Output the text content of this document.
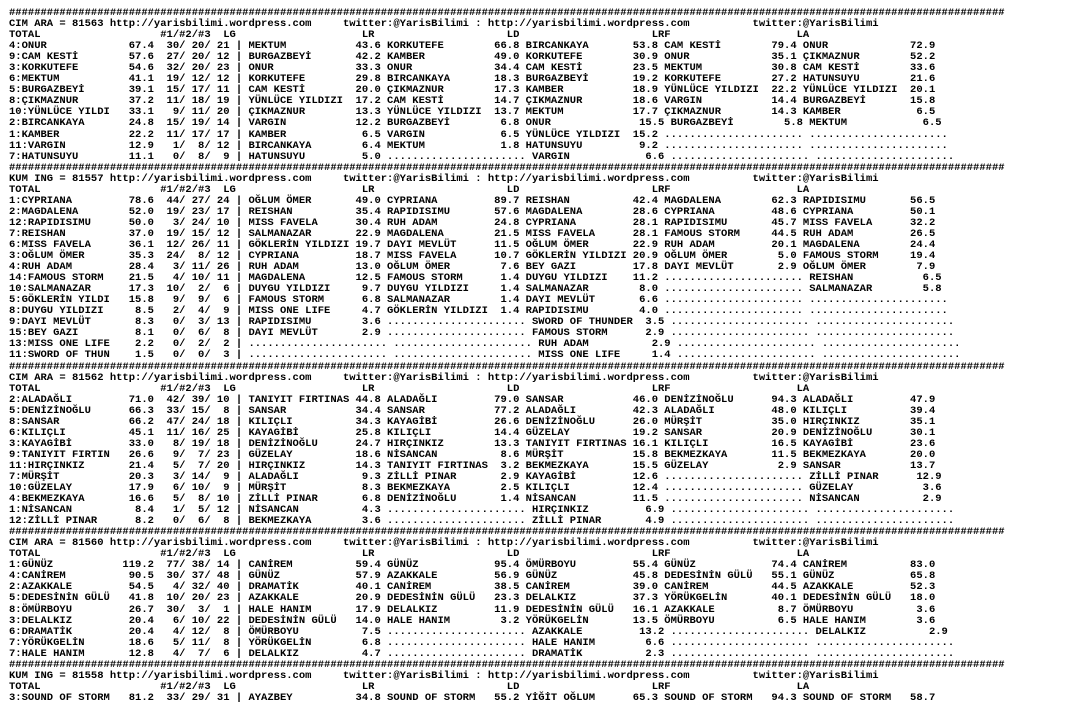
##############################################################################################################################################################
CIM ARA = 81563 http://yarisbilimi.wordpress.com     twitter:@YarisBilimi : http://yarisbilimi.wordpress.com          twitter:@YarisBilimi
TOTAL                   #1/#2/#3  LG                    LR                     LD                     LRF                    LA
4:ONUR             67.4  30/ 20/ 21 | MEKTUM           43.6 KORKUTEFE        66.8 BIRCANKAYA       53.8 CAM KESTİ        79.4 ONUR             72.9
9:CAM KESTİ        57.6  27/ 20/ 12 | BURGAZBEYİ       42.2 KAMBER           49.0 KORKUTEFE        30.9 ONUR             35.1 ÇIKMAZNUR        52.2
3:KORKUTEFE        54.6  32/ 20/ 23 | ONUR             33.3 ONUR             34.4 CAM KESTİ        23.5 MEKTUM           30.8 CAM KESTİ        33.6
6:MEKTUM           41.1  19/ 12/ 12 | KORKUTEFE        29.8 BIRCANKAYA       18.3 BURGAZBEYİ       19.2 KORKUTEFE        27.2 HATUNSUYU        21.6
5:BURGAZBEYİ       39.1  15/ 17/ 11 | CAM KESTİ        20.0 ÇIKMAZNUR        17.3 KAMBER           18.9 YÜNLÜCE YILDIZI  22.2 YÜNLÜCE YILDIZI  20.1
8:ÇIKMAZNUR        37.2  11/ 18/ 19 | YÜNLÜCE YILDIZI  17.2 CAM KESTİ        14.7 ÇIKMAZNUR        18.6 VARGIN           14.4 BURGAZBEYİ       15.8
10:YÜNLÜCE YILDI   33.1   9/ 11/ 20 | ÇIKMAZNUR        13.3 YÜNLÜCE YILDIZI  13.7 MEKTUM           17.7 ÇIKMAZNUR        14.3 KAMBER            6.5
2:BIRCANKAYA       24.8  15/ 19/ 14 | VARGIN           12.2 BURGAZBEYİ        6.8 ONUR              15.5 BURGAZBEYİ        5.8 MEKTUM            6.5
1:KAMBER           22.2  11/ 17/ 17 | KAMBER            6.5 VARGIN            6.5 YÜNLÜCE YILDIZI  15.2 ...................... ......................
11:VARGIN          12.9   1/  8/ 12 | BIRCANKAYA        6.4 MEKTUM            1.8 HATUNSUYU         9.2 ...................... ......................
7:HATUNSUYU        11.1   0/  8/  9 | HATUNSUYU         5.0 ...................... VARGIN            6.6 ...................... ......................
##############################################################################################################################################################
KUM ING = 81557 http://yarisbilimi.wordpress.com     twitter:@YarisBilimi : http://yarisbilimi.wordpress.com          twitter:@YarisBilimi
TOTAL                   #1/#2/#3  LG                    LR                     LD                     LRF                    LA
1:CYPRIANA         78.6  44/ 27/ 24 | OĞLUM ÖMER       49.0 CYPRIANA         89.7 REISHAN          42.4 MAGDALENA        62.3 RAPIDISIMU       56.5
2:MAGDALENA        52.0  19/ 23/ 17 | REISHAN          35.4 RAPIDISIMU       57.6 MAGDALENA        28.6 CYPRIANA         48.6 CYPRIANA         50.1
12:RAPIDISIMU      50.0   3/ 24/ 10 | MISS FAVELA      30.4 RUH ADAM         24.8 CYPRIANA         28.1 RAPIDISIMU       45.7 MISS FAVELA      32.2
7:REISHAN          37.0  19/ 15/ 12 | SALMANAZAR       22.9 MAGDALENA        21.5 MISS FAVELA      28.1 FAMOUS STORM     44.5 RUH ADAM         26.5
6:MISS FAVELA      36.1  12/ 26/ 11 | GÖKLERİN YILDIZI 19.7 DAYI MEVLÜT      11.5 OĞLUM ÖMER       22.9 RUH ADAM         20.1 MAGDALENA        24.4
3:OĞLUM ÖMER       35.3  24/  8/ 12 | CYPRIANA         18.7 MISS FAVELA      10.7 GÖKLERİN YILDIZI 20.9 OĞLUM ÖMER        5.0 FAMOUS STORM     19.4
4:RUH ADAM         28.4   3/ 11/ 26 | RUH ADAM         13.0 OĞLUM ÖMER        7.6 BEY GAZI         17.8 DAYI MEVLÜT       2.9 OĞLUM ÖMER        7.9
14:FAMOUS STORM    21.5   4/ 10/ 11 | MAGDALENA        12.5 FAMOUS STORM      1.4 DUYGU YILDIZI    11.2 ...................... REISHAN           6.5
10:SALMANAZAR      17.3  10/  2/  6 | DUYGU YILDIZI     9.7 DUYGU YILDIZI     1.4 SALMANAZAR        8.0 ...................... SALMANAZAR        5.8
5:GÖKLERİN YILDI   15.8   9/  9/  6 | FAMOUS STORM      6.8 SALMANAZAR        1.4 DAYI MEVLÜT       6.6 ...................... ......................
8:DUYGU YILDIZI     8.5   2/  4/  9 | MISS ONE LIFE     4.7 GÖKLERİN YILDIZI  1.4 RAPIDISIMU        4.0 ...................... ......................
9:DAYI MEVLÜT       8.3   0/  3/ 13 | RAPIDISIMU        3.6 ...................... SWORD OF THUNDER  3.5 ...................... ......................
15:BEY GAZI         8.1   0/  6/  8 | DAYI MEVLÜT       2.9 ...................... FAMOUS STORM      2.9 ...................... ......................
13:MISS ONE LIFE    2.2   0/  2/  2 | ...................... ...................... RUH ADAM          2.9 ...................... ......................
11:SWORD OF THUN    1.5   0/  0/  3 | ...................... ...................... MISS ONE LIFE     1.4 ...................... ......................
##############################################################################################################################################################
CIM ARA = 81562 http://yarisbilimi.wordpress.com     twitter:@YarisBilimi : http://yarisbilimi.wordpress.com          twitter:@YarisBilimi
TOTAL                   #1/#2/#3  LG                    LR                     LD                     LRF                    LA
2:ALADAĞLI         71.0  42/ 39/ 10 | TANIYIT FIRTINAS 44.8 ALADAĞLI         79.0 SANSAR           46.0 DENİZİNOĞLU      94.3 ALADAĞLI         47.9
5:DENİZİNOĞLU      66.3  33/ 15/  8 | SANSAR           34.4 SANSAR           77.2 ALADAĞLI         42.3 ALADAĞLI         48.0 KILIÇLI          39.4
8:SANSAR           66.2  47/ 24/ 18 | KILIÇLI          34.3 KAYAGİBİ         26.6 DENİZİNOĞLU      26.0 MÜRŞİT           35.0 HIRÇINKIZ        35.1
6:KILIÇLI          45.1  11/ 16/ 25 | KAYAGİBİ         25.8 KILIÇLI          14.4 GÜZELAY          19.2 SANSAR           20.9 DENİZİNOĞLU      30.1
3:KAYAGİBİ         33.0   8/ 19/ 18 | DENİZİNOĞLU      24.7 HIRÇINKIZ        13.3 TANIYIT FIRTINAS 16.1 KILIÇLI          16.5 KAYAGİBİ         23.6
9:TANIYIT FIRTIN   26.6   9/  7/ 23 | GÜZELAY          18.6 NİSANCAN          8.6 MÜRŞİT           15.8 BEKMEZKAYA       11.5 BEKMEZKAYA       20.0
11:HIRÇINKIZ       21.4   5/  7/ 20 | HIRÇINKIZ        14.3 TANIYIT FIRTINAS  3.2 BEKMEZKAYA       15.5 GÜZELAY           2.9 SANSAR           13.7
7:MÜRŞİT           20.3   3/ 14/  9 | ALADAĞLI          9.3 ZİLLİ PINAR       2.9 KAYAGİBİ         12.6 ...................... ZİLLİ PINAR      12.9
10:GÜZELAY         17.9   6/ 10/  9 | MÜRŞİT            8.3 BEKMEZKAYA        2.5 KILIÇLI          12.4 ...................... GÜZELAY           3.6
4:BEKMEZKAYA       16.6   5/  8/ 10 | ZİLLİ PINAR       6.8 DENİZİNOĞLU       1.4 NİSANCAN         11.5 ...................... NİSANCAN          2.9
1:NİSANCAN          8.4   1/  5/ 12 | NİSANCAN          4.3 ...................... HIRÇINKIZ         6.9 ...................... ......................
12:ZİLLİ PINAR      8.2   0/  6/  8 | BEKMEZKAYA        3.6 ...................... ZİLLİ PINAR       4.9 ...................... ......................
##############################################################################################################################################################
CIM ARA = 81560 http://yarisbilimi.wordpress.com     twitter:@YarisBilimi : http://yarisbilimi.wordpress.com          twitter:@YarisBilimi
TOTAL                   #1/#2/#3  LG                    LR                     LD                     LRF                    LA
1:GÜNÜZ           119.2  77/ 38/ 14 | CANİREM          59.4 GÜNÜZ            95.4 ÖMÜRBOYU         55.4 GÜNÜZ            74.4 CANİREM          83.0
4:CANİREM          90.5  30/ 37/ 48 | GÜNÜZ            57.9 AZAKKALE         56.9 GÜNÜZ            45.8 DEDESİNİN GÜLÜ   55.1 GÜNÜZ            65.8
2:AZAKKALE         54.5   4/ 32/ 40 | DRAMATİK         40.1 CANİREM          38.5 CANİREM          39.0 CANİREM          44.5 AZAKKALE         52.3
5:DEDESİNİN GÜLÜ   41.8  10/ 20/ 23 | AZAKKALE         20.9 DEDESİNİN GÜLÜ   23.3 DELALKIZ         37.3 YÖRÜKGELİN       40.1 DEDESİNİN GÜLÜ   18.0
8:ÖMÜRBOYU         26.7  30/  3/  1 | HALE HANIM       17.9 DELALKIZ         11.9 DEDESİNİN GÜLÜ   16.1 AZAKKALE          8.7 ÖMÜRBOYU          3.6
3:DELALKIZ         20.4   6/ 10/ 22 | DEDESİNİN GÜLÜ   14.0 HALE HANIM        3.2 YÖRÜKGELİN       13.5 ÖMÜRBOYU          6.5 HALE HANIM        3.6
6:DRAMATİK         20.4   4/ 12/  8 | ÖMÜRBOYU          7.5 ...................... AZAKKALE         13.2 ...................... DELALKIZ          2.9
7:YÖRÜKGELİN       18.6   5/ 11/  8 | YÖRÜKGELİN        6.8 ...................... HALE HANIM        6.6 ...................... ......................
7:HALE HANIM       12.8   4/  7/  6 | DELALKIZ          4.7 ...................... DRAMATİK          2.3 ...................... ......................
##############################################################################################################################################################
KUM ING = 81558 http://yarisbilimi.wordpress.com     twitter:@YarisBilimi : http://yarisbilimi.wordpress.com          twitter:@YarisBilimi
TOTAL                   #1/#2/#3  LG                    LR                     LD                     LRF                    LA
3:SOUND OF STORM   81.2  33/ 29/ 31 | AYAZBEY          34.8 SOUND OF STORM   55.2 YİĞİT OĞLUM      65.3 SOUND OF STORM   94.3 SOUND OF STORM   58.7
